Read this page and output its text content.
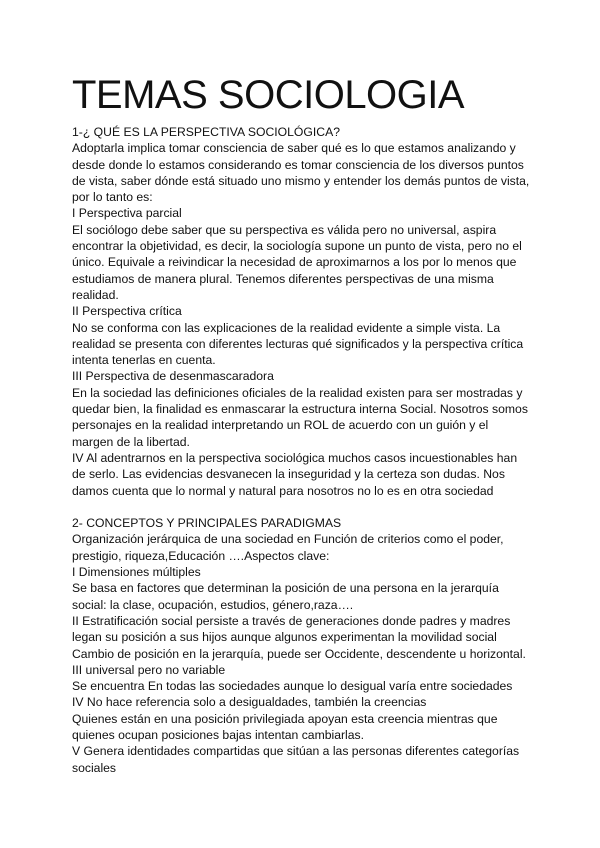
TEMAS SOCIOLOGIA
1-¿ QUÉ ES LA PERSPECTIVA SOCIOLÓGICA?
Adoptarla implica tomar consciencia de saber qué es lo que estamos analizando y
desde donde lo estamos considerando es tomar consciencia de los diversos puntos
de vista, saber dónde está situado uno mismo y entender los demás puntos de vista,
por lo tanto es:
I Perspectiva parcial
El sociólogo debe saber que su perspectiva es válida pero no universal, aspira
encontrar la objetividad, es decir, la sociología supone un punto de vista, pero no el
único. Equivale a reivindicar la necesidad de aproximarnos a los por lo menos que
estudiamos de manera plural. Tenemos diferentes perspectivas de una misma
realidad.
II Perspectiva crítica
No se conforma con las explicaciones de la realidad evidente a simple vista. La
realidad se presenta con diferentes lecturas qué significados y la perspectiva crítica
intenta tenerlas en cuenta.
III Perspectiva de desenmascaradora
En la sociedad las definiciones oficiales de la realidad existen para ser mostradas y
quedar bien, la finalidad es enmascarar la estructura interna Social. Nosotros somos
personajes en la realidad interpretando un ROL de acuerdo con un guión y el
margen de la libertad.
IV Al adentrarnos en la perspectiva sociológica muchos casos incuestionables han
de serlo. Las evidencias desvanecen la inseguridad y la certeza son dudas. Nos
damos cuenta que lo normal y natural para nosotros no lo es en otra sociedad
2- CONCEPTOS Y PRINCIPALES PARADIGMAS
Organización jerárquica de una sociedad en Función de criterios como el poder,
prestigio, riqueza,Educación ….Aspectos clave:
I Dimensiones múltiples
Se basa en factores que determinan la posición de una persona en la jerarquía
social: la clase, ocupación, estudios, género,raza….
II Estratificación social persiste a través de generaciones donde padres y madres
legan su posición a sus hijos aunque algunos experimentan la movilidad social
Cambio de posición en la jerarquía, puede ser Occidente, descendente u horizontal.
III universal pero no variable
Se encuentra En todas las sociedades aunque lo desigual varía entre sociedades
IV No hace referencia solo a desigualdades, también la creencias
Quienes están en una posición privilegiada apoyan esta creencia mientras que
quienes ocupan posiciones bajas intentan cambiarlas.
V Genera identidades compartidas que sitúan a las personas diferentes categorías
sociales
